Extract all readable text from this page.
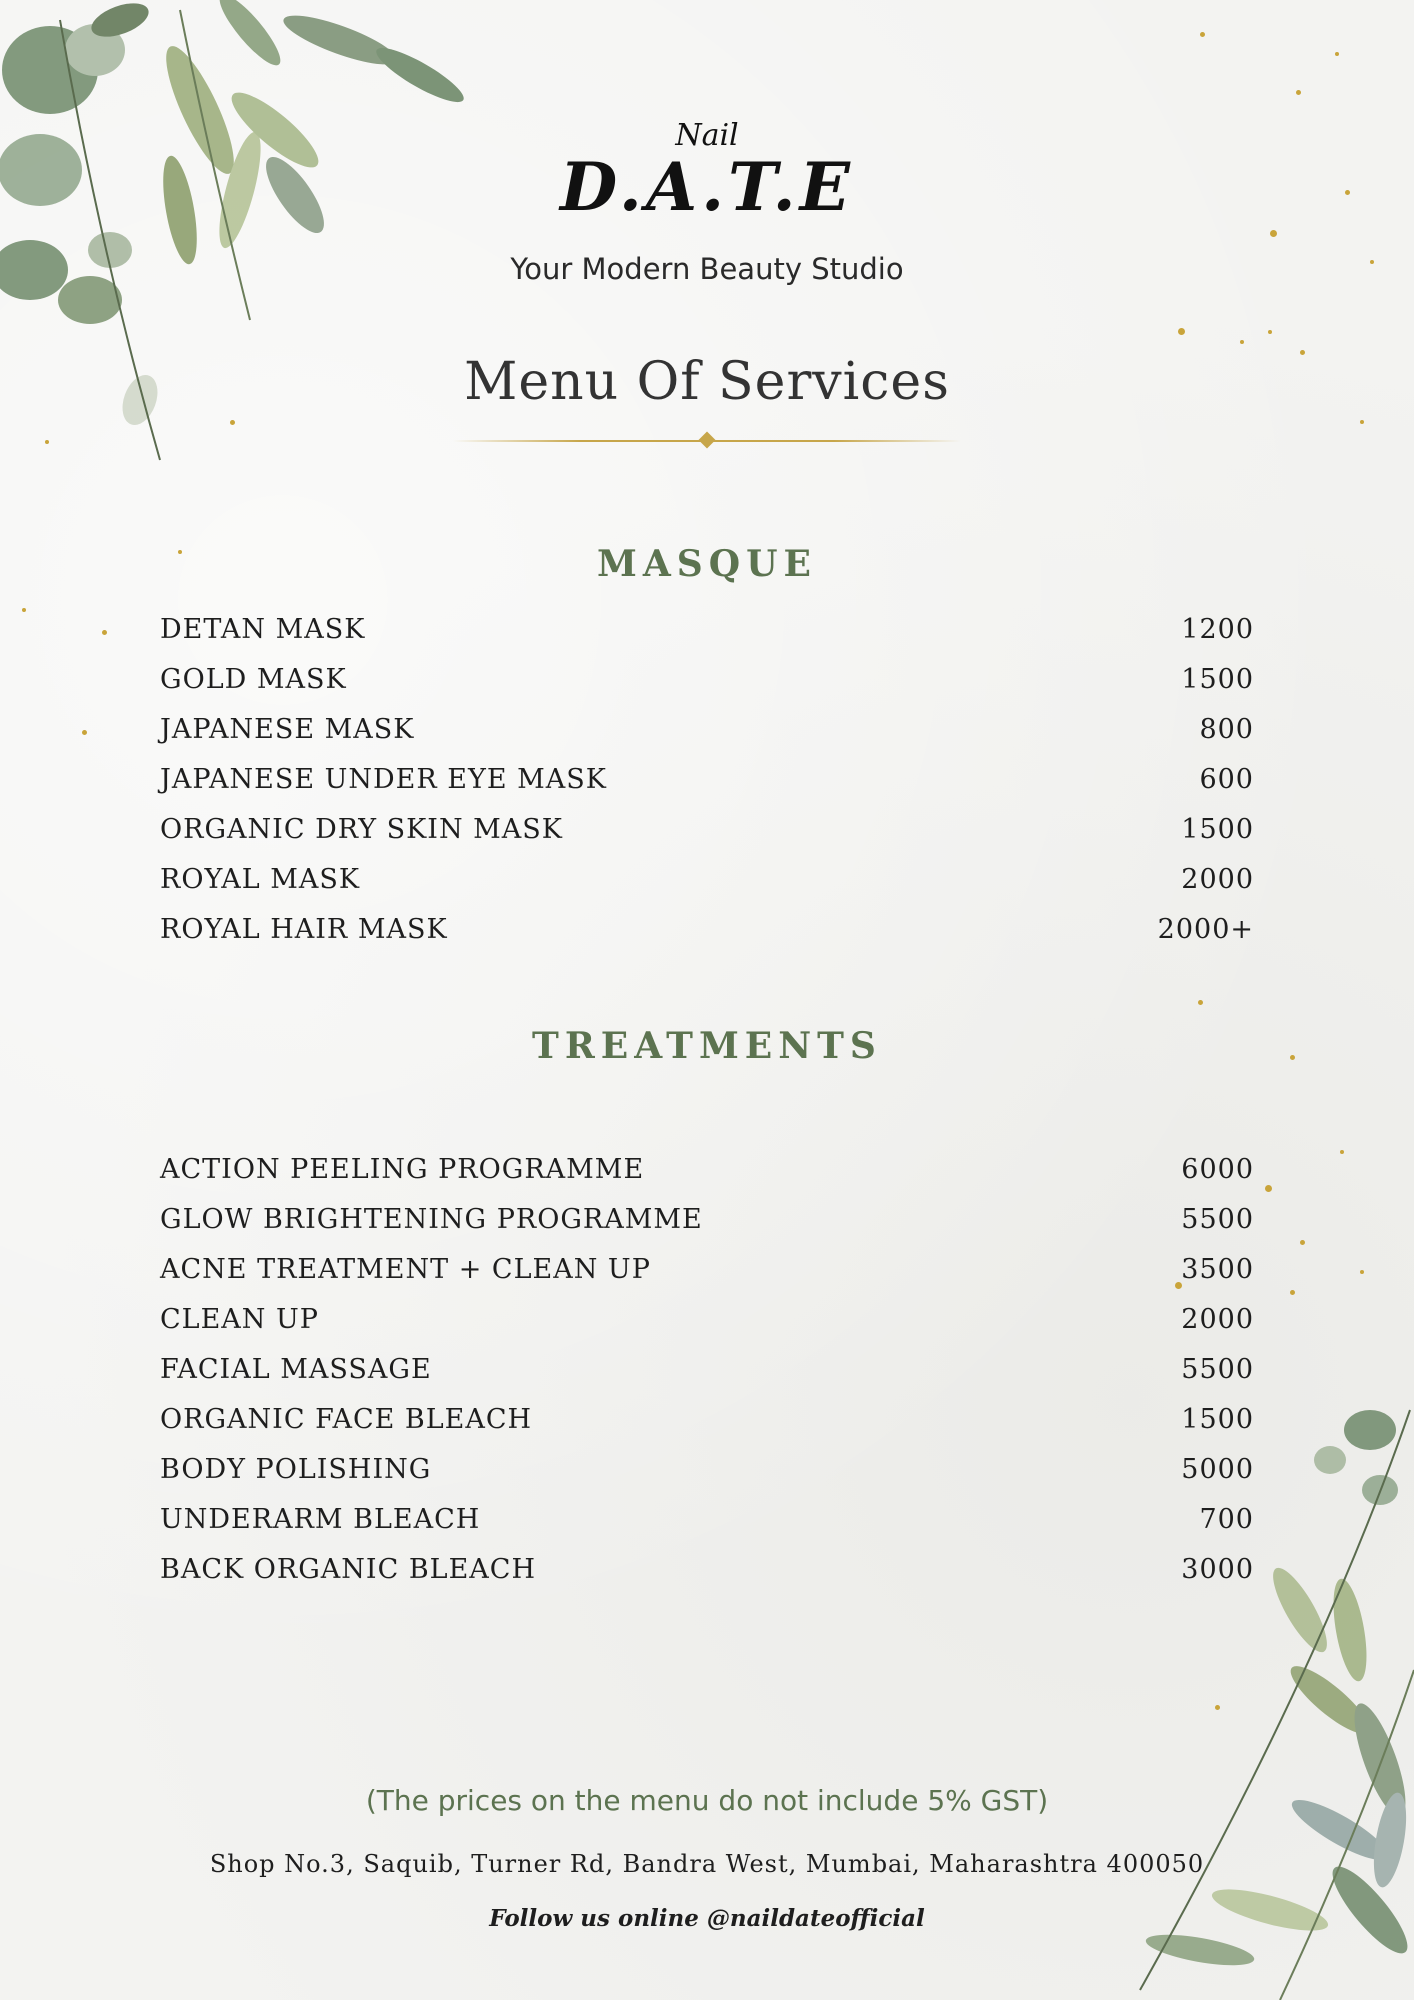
Nail
D.A.T.E
Your Modern Beauty Studio
Menu Of Services
MASQUE
DETAN MASK	1200
GOLD MASK	1500
JAPANESE MASK	800
JAPANESE UNDER EYE MASK	600
ORGANIC DRY SKIN MASK	1500
ROYAL MASK	2000
ROYAL HAIR MASK	2000+
TREATMENTS
ACTION PEELING PROGRAMME	6000
GLOW BRIGHTENING PROGRAMME	5500
ACNE TREATMENT + CLEAN UP	3500
CLEAN UP	2000
FACIAL MASSAGE	5500
ORGANIC FACE BLEACH	1500
BODY POLISHING	5000
UNDERARM BLEACH	700
BACK ORGANIC BLEACH	3000
(The prices on the menu do not include 5% GST)
Shop No.3, Saquib, Turner Rd, Bandra West, Mumbai, Maharashtra 400050
Follow us online @naildateofficial
